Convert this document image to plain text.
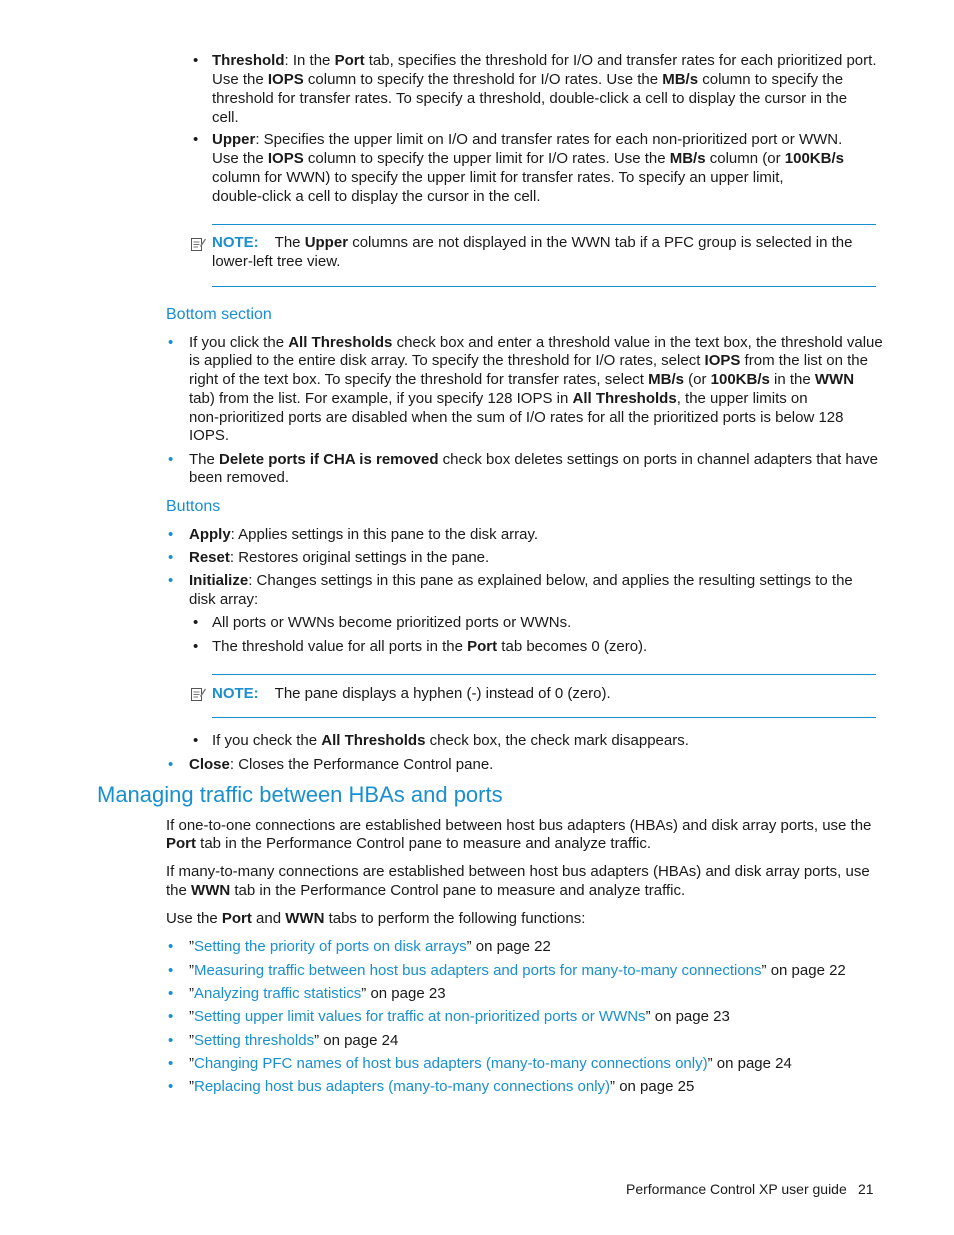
• Threshold: In the Port tab, specifies the threshold for I/O and transfer rates for each prioritized port.
Use the IOPS column to specify the threshold for I/O rates. Use the MB/s column to specify the
threshold for transfer rates. To specify a threshold, double-click a cell to display the cursor in the
cell.
• Upper: Specifies the upper limit on I/O and transfer rates for each non-prioritized port or WWN.
Use the IOPS column to specify the upper limit for I/O rates. Use the MB/s column (or 100KB/s
column for WWN) to specify the upper limit for transfer rates. To specify an upper limit,
double-click a cell to display the cursor in the cell.
NOTE: The Upper columns are not displayed in the WWN tab if a PFC group is selected in the
lower-left tree view.
Bottom section
•	If you click the All Thresholds check box and enter a threshold value in the text box, the threshold value
is applied to the entire disk array. To specify the threshold for I/O rates, select IOPS from the list on the
right of the text box. To specify the threshold for transfer rates, select MB/s (or 100KB/s in the WWN
tab) from the list. For example, if you specify 128 IOPS in All Thresholds, the upper limits on
non-prioritized ports are disabled when the sum of I/O rates for all the prioritized ports is below 128
IOPS.
•	The Delete ports if CHA is removed check box deletes settings on ports in channel adapters that have
been removed.
Buttons
•	Apply: Applies settings in this pane to the disk array.
•	Reset: Restores original settings in the pane.
•	Initialize: Changes settings in this pane as explained below, and applies the resulting settings to the
disk array:
• All ports or WWNs become prioritized ports or WWNs.
• The threshold value for all ports in the Port tab becomes 0 (zero).
NOTE: The pane displays a hyphen (-) instead of 0 (zero).
• If you check the All Thresholds check box, the check mark disappears.
•	Close: Closes the Performance Control pane.
Managing traffic between HBAs and ports
If one-to-one connections are established between host bus adapters (HBAs) and disk array ports, use the
Port tab in the Performance Control pane to measure and analyze traffic.
If many-to-many connections are established between host bus adapters (HBAs) and disk array ports, use
the WWN tab in the Performance Control pane to measure and analyze traffic.
Use the Port and WWN tabs to perform the following functions:
•	”Setting the priority of ports on disk arrays” on page 22
•	”Measuring traffic between host bus adapters and ports for many-to-many connections” on page 22
•	”Analyzing traffic statistics” on page 23
•	”Setting upper limit values for traffic at non-prioritized ports or WWNs” on page 23
•	”Setting thresholds” on page 24
•	”Changing PFC names of host bus adapters (many-to-many connections only)” on page 24
•	”Replacing host bus adapters (many-to-many connections only)” on page 25
Performance Control XP user guide 21
